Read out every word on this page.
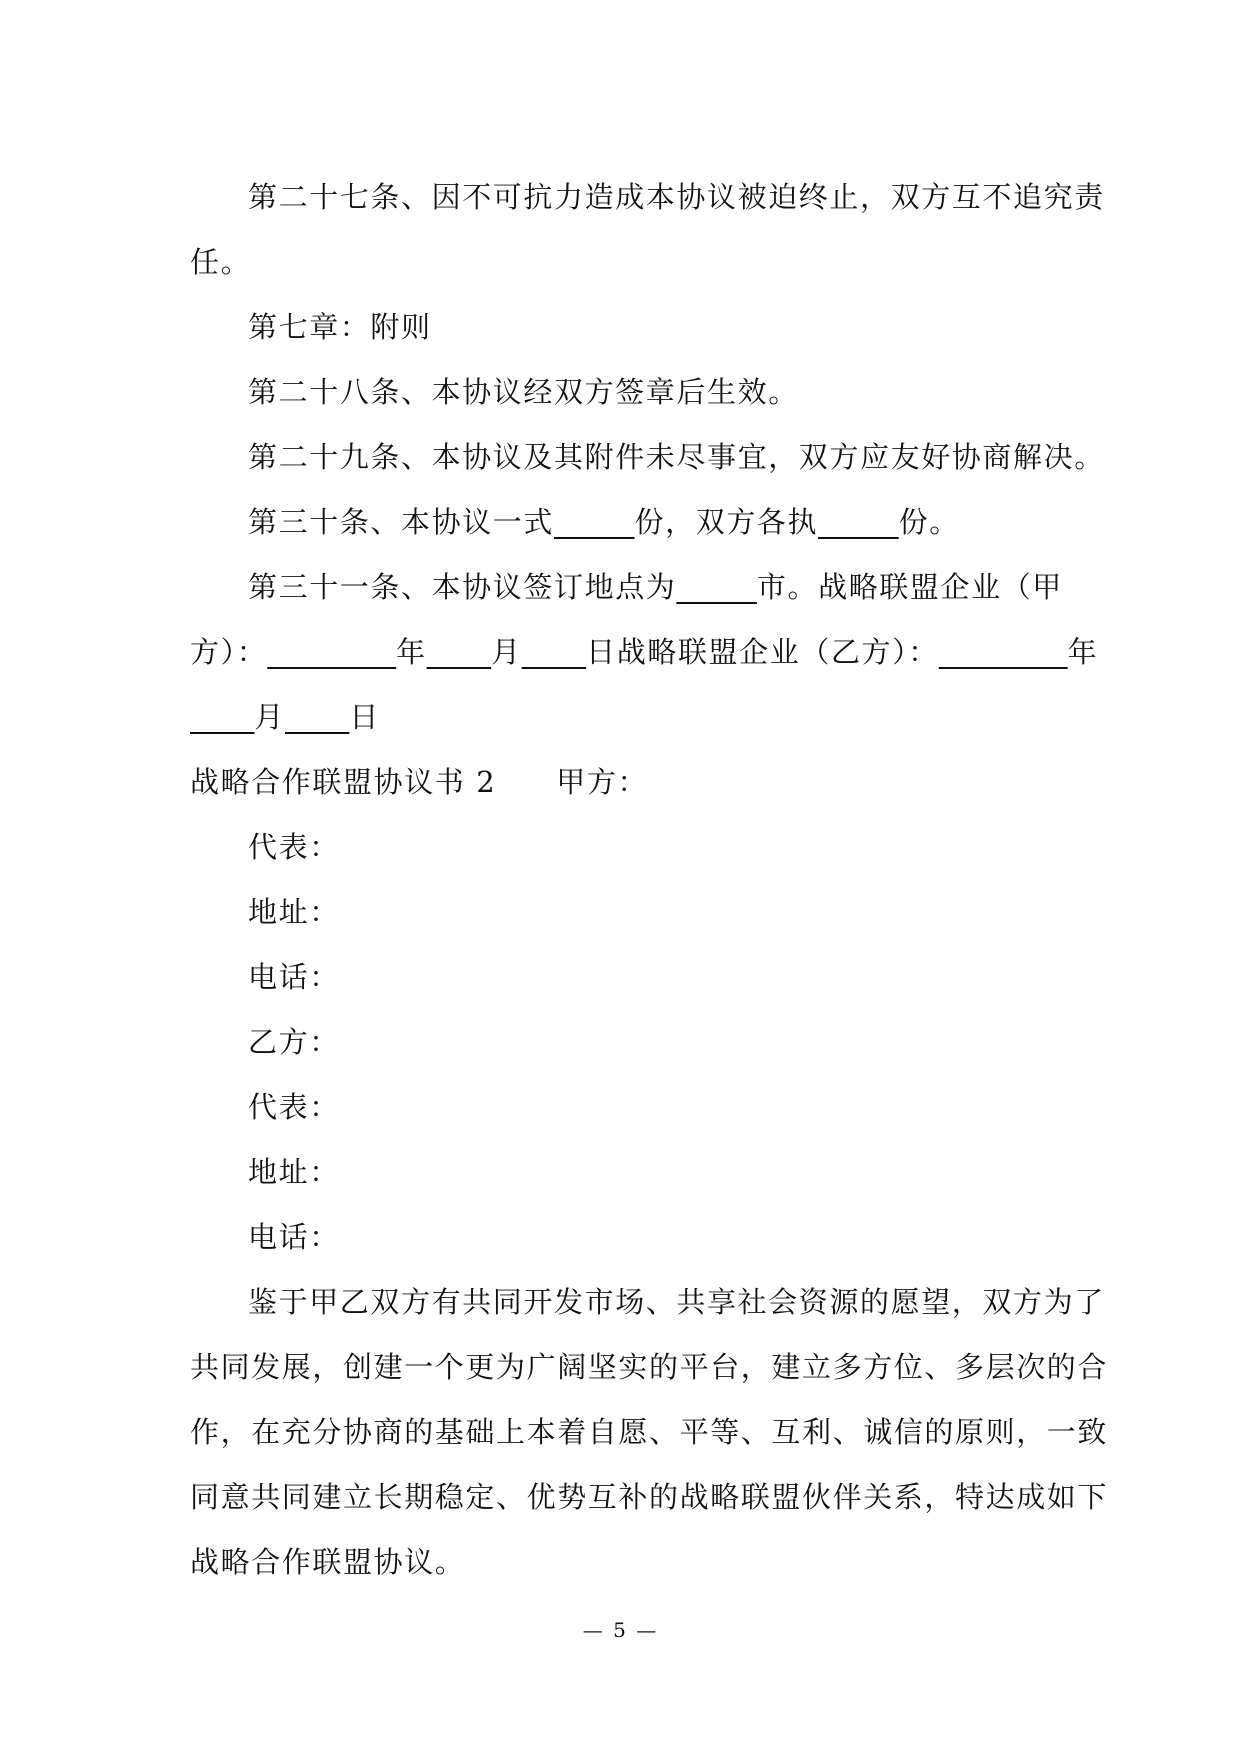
第二十七条、因不可抗力造成本协议被迫终止，双方互不追究责
任。
第七章：附则
第二十八条、本协议经双方签章后生效。
第二十九条、本协议及其附件未尽事宜，双方应友好协商解决。
第三十条、本协议一式_____份，双方各执_____份。
第三十一条、本协议签订地点为_____市。战略联盟企业（甲
方）：________年____月____日战略联盟企业（乙方）：________年
____月____日
战略合作联盟协议书 2 甲方：
代表：
地址：
电话：
乙方：
代表：
地址：
电话：
鉴于甲乙双方有共同开发市场、共享社会资源的愿望，双方为了
共同发展，创建一个更为广阔坚实的平台，建立多方位、多层次的合
作，在充分协商的基础上本着自愿、平等、互利、诚信的原则，一致
同意共同建立长期稳定、优势互补的战略联盟伙伴关系，特达成如下
战略合作联盟协议。
— 5 —
